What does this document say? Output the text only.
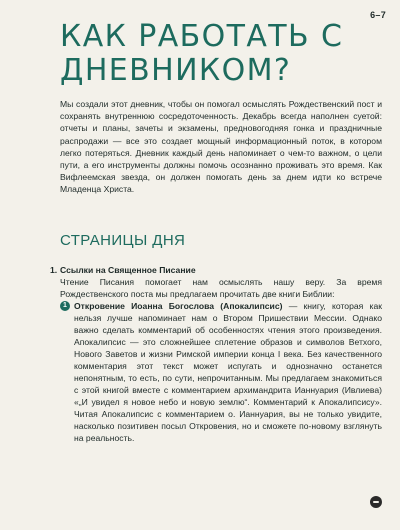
6–7
КАК РАБОТАТЬ С ДНЕВНИКОМ?

Мы создали этот дневник, чтобы он помогал осмыслять Рождественский пост и сохранять внутреннюю сосредоточенность. Декабрь всегда наполнен суетой: отчеты и планы, зачеты и экзамены, предновогодняя гонка и праздничные распродажи — все это создает мощный информационный поток, в котором легко потеряться. Дневник каждый день напоминает о чем-то важном, о цели пути, а его инструменты должны помочь осознанно проживать это время. Как Вифлеемская звезда, он должен помогать день за днем идти ко встрече Младенца Христа.

СТРАНИЦЫ ДНЯ
1. Ссылки на Священное Писание

Чтение Писания помогает нам осмыслять нашу веру. За время Рождественского поста мы предлагаем прочитать две книги Библии:

1 Откровение Иоанна Богослова (Апокалипсис) — книгу, которая как нельзя лучше напоминает нам о Втором Пришествии Мессии. Однако важно сделать комментарий об особенностях чтения этого произведения. Апокалипсис — это сложнейшее сплетение образов и символов Ветхого, Нового Заветов и жизни Римской империи конца I века. Без качественного комментария этот текст может испугать и однозначно останется непонятным, то есть, по сути, непрочитанным. Мы предлагаем знакомиться с этой книгой вместе с комментарием архимандрита Ианнуария (Ивлиева) «„И увидел я новое небо и новую землю“. Комментарий к Апокалипсису». Читая Апокалипсис с комментарием о. Ианнуария, вы не только увидите, насколько позитивен посыл Откровения, но и сможете по-новому взглянуть на реальность.
